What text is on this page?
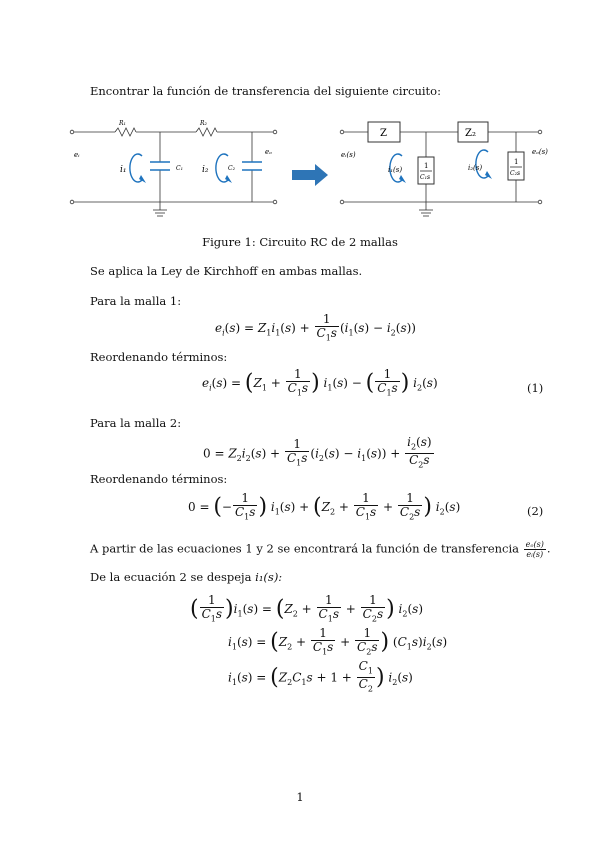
Encontrar la función de transferencia del siguiente circuito:
R₁	R₂
eᵢ	eₒ
i₁	i₂
C₁	C₂
Z	Z₂
eᵢ(s)	eₒ(s)
i₁(s)	i₂(s)
1
C₁s
1
C₂s
Figure 1: Circuito RC de 2 mallas
Se aplica la Ley de Kirchhoff en ambas mallas.
Para la malla 1:
$e_i(s) = Z_1i_1(s) + \frac{1}{C_1s} (i_1(s) - i_2(s))$
Reordenando términos:
$e_i(s) = (Z_1 + \frac{1}{C_1s}$ ) $i_1(s)$ − ( $\frac{1}{C_1s}$ ) $i_2(s)$	(1)
Para la malla 2:
$0 = Z_2i_2(s) + \frac{1}{C_1s} (i_2(s) - i_1(s)) + \frac{i_2(s)}{C_2s}$
Reordenando términos:
0 = (− $\frac{1}{C_1s}$ ) $i_1(s) + (Z_2 + \frac{1}{C_1s} + \frac{1}{C_2s}$ ) $i_2(s)$	(2)
A partir de las ecuaciones 1 y 2 se encontrará la función de transferencia $\frac{\text{eₒ(s)}}{\text{eᵢ(s)}}$ .
De la ecuación 2 se despeja i₁(s):
( $\frac{1}{C_1s} )i_1(s) = (Z_2 + \frac{1}{C_1s} + \frac{1}{C_2s}$ ) $i_2(s)$
$i_1(s) = (Z_2 + \frac{1}{C_1s} + \frac{1}{C_2s}$ ) $(C_1s)i_2(s)$
$i_1(s) = (Z_2C_1s + 1 + \frac{C_1}{C_2}$ ) $i_2(s)$
1
